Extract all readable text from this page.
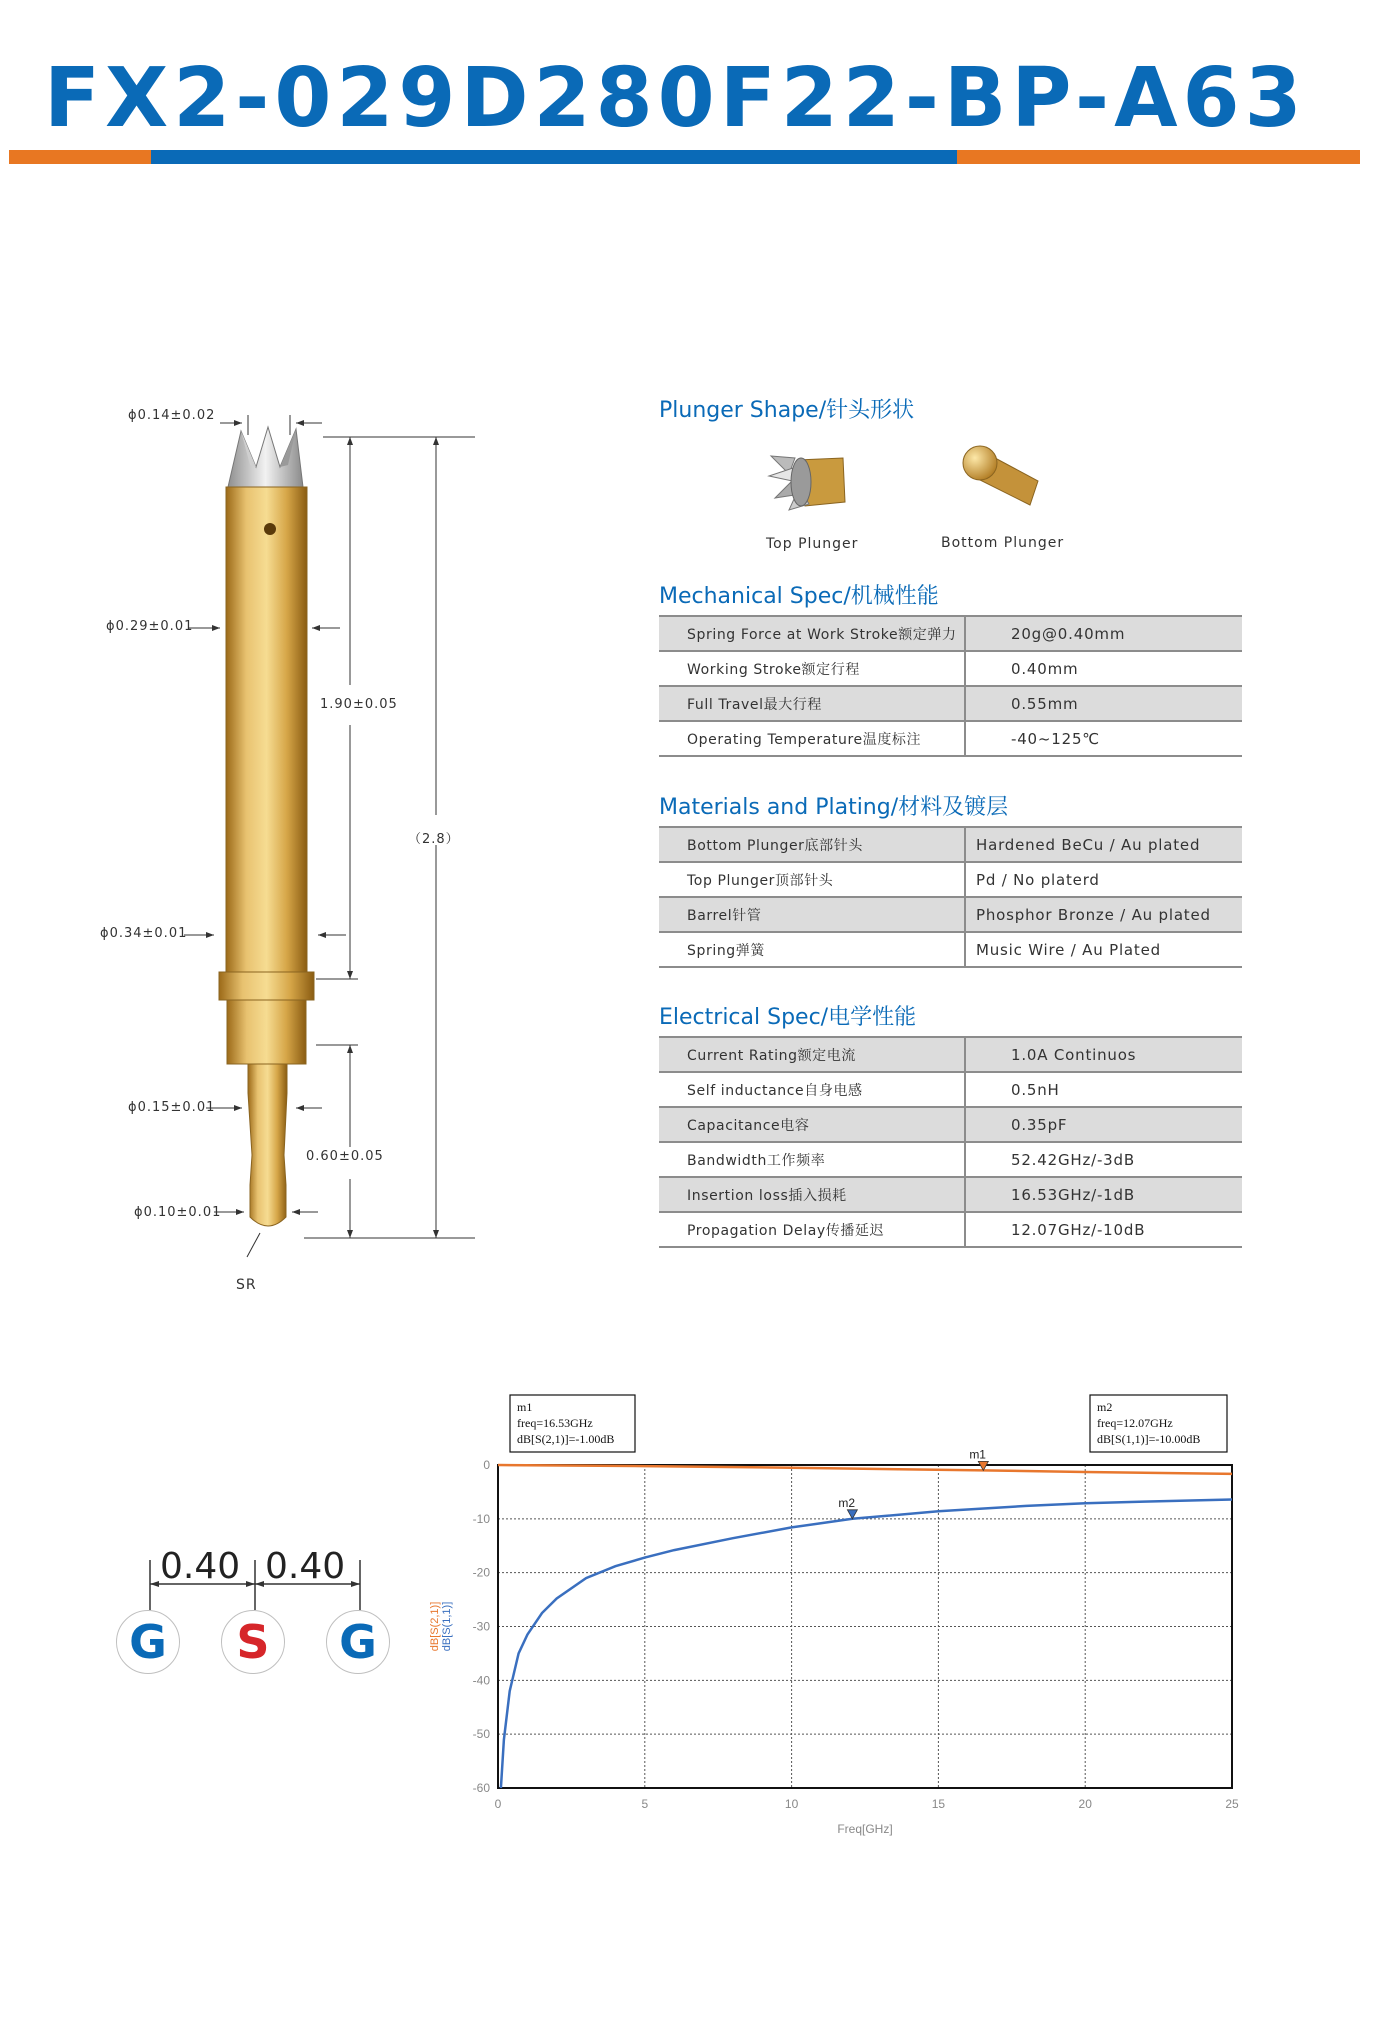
FX2-029D280F22-BP-A63
ϕ0.14±0.02
ϕ0.29±0.01
1.90±0.05
（2.8）
ϕ0.34±0.01
ϕ0.15±0.01
0.60±0.05
ϕ0.10±0.01
SR
Plunger Shape/针头形状
Top Plunger	Bottom Plunger
Mechanical Spec/机械性能
Spring Force at Work Stroke额定弹力	20g@0.40mm
Working Stroke额定行程	0.40mm
Full Travel最大行程	0.55mm
Operating Temperature温度标注	-40~125℃
Materials and Plating/材料及镀层
Bottom Plunger底部针头	Hardened BeCu / Au plated
Top Plunger顶部针头	Pd / No platerd
Barrel针管	Phosphor Bronze / Au plated
Spring弹簧	Music Wire / Au Plated
Electrical Spec/电学性能
Current Rating额定电流	1.0A Continuos
Self inductance自身电感	0.5nH
Capacitance电容	0.35pF
Bandwidth工作频率	52.42GHz/-3dB
Insertion loss插入损耗	16.53GHz/-1dB
Propagation Delay传播延迟	12.07GHz/-10dB
0.40 0.40
G	S	G
0	5	10	15	20	25
0
-10
-20
-30
-40
-50
-60
Freq[GHz]
dB[S(2,1)] dB[S(1,1)]
m1
m1
freq=16.53GHz
dB[S(2,1)]=-1.00dB
m2
m2
freq=12.07GHz
dB[S(1,1)]=-10.00dB
